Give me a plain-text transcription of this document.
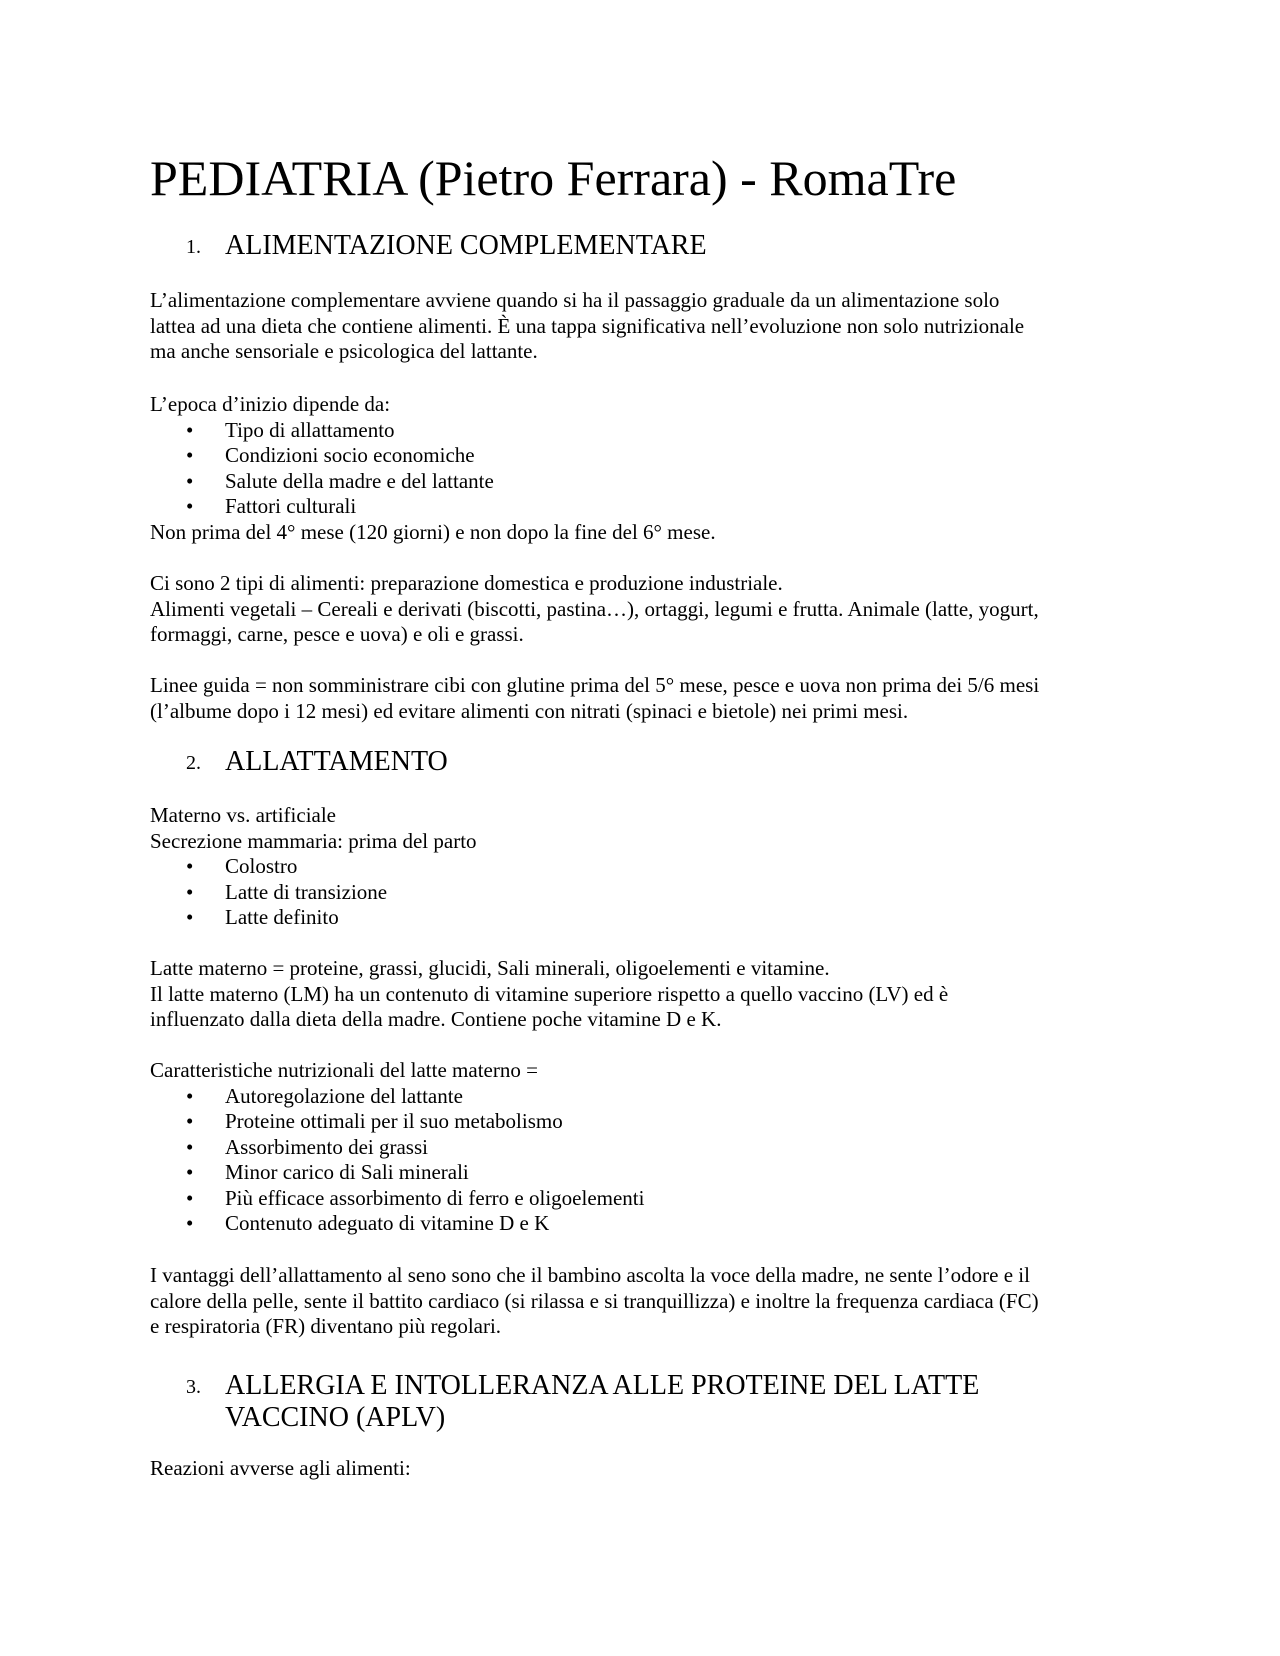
PEDIATRIA (Pietro Ferrara) - RomaTre
1. ALIMENTAZIONE COMPLEMENTARE

L’alimentazione complementare avviene quando si ha il passaggio graduale da un alimentazione solo

lattea ad una dieta che contiene alimenti. È una tappa significativa nell’evoluzione non solo nutrizionale

ma anche sensoriale e psicologica del lattante.

L’epoca d’inizio dipende da:

• Tipo di allattamento
• Condizioni socio economiche
• Salute della madre e del lattante
• Fattori culturali

Non prima del 4° mese (120 giorni) e non dopo la fine del 6° mese.

Ci sono 2 tipi di alimenti: preparazione domestica e produzione industriale.

Alimenti vegetali – Cereali e derivati (biscotti, pastina…), ortaggi, legumi e frutta. Animale (latte, yogurt,

formaggi, carne, pesce e uova) e oli e grassi.

Linee guida = non somministrare cibi con glutine prima del 5° mese, pesce e uova non prima dei 5/6 mesi

(l’albume dopo i 12 mesi) ed evitare alimenti con nitrati (spinaci e bietole) nei primi mesi.

2. ALLATTAMENTO

Materno vs. artificiale

Secrezione mammaria: prima del parto

• Colostro
• Latte di transizione
• Latte definito

Latte materno = proteine, grassi, glucidi, Sali minerali, oligoelementi e vitamine.

Il latte materno (LM) ha un contenuto di vitamine superiore rispetto a quello vaccino (LV) ed è

influenzato dalla dieta della madre. Contiene poche vitamine D e K.

Caratteristiche nutrizionali del latte materno =

• Autoregolazione del lattante
• Proteine ottimali per il suo metabolismo
• Assorbimento dei grassi
• Minor carico di Sali minerali
• Più efficace assorbimento di ferro e oligoelementi
• Contenuto adeguato di vitamine D e K

I vantaggi dell’allattamento al seno sono che il bambino ascolta la voce della madre, ne sente l’odore e il

calore della pelle, sente il battito cardiaco (si rilassa e si tranquillizza) e inoltre la frequenza cardiaca (FC)

e respiratoria (FR) diventano più regolari.

3. ALLERGIA E INTOLLERANZA ALLE PROTEINE DEL LATTE
VACCINO (APLV)

Reazioni avverse agli alimenti:
